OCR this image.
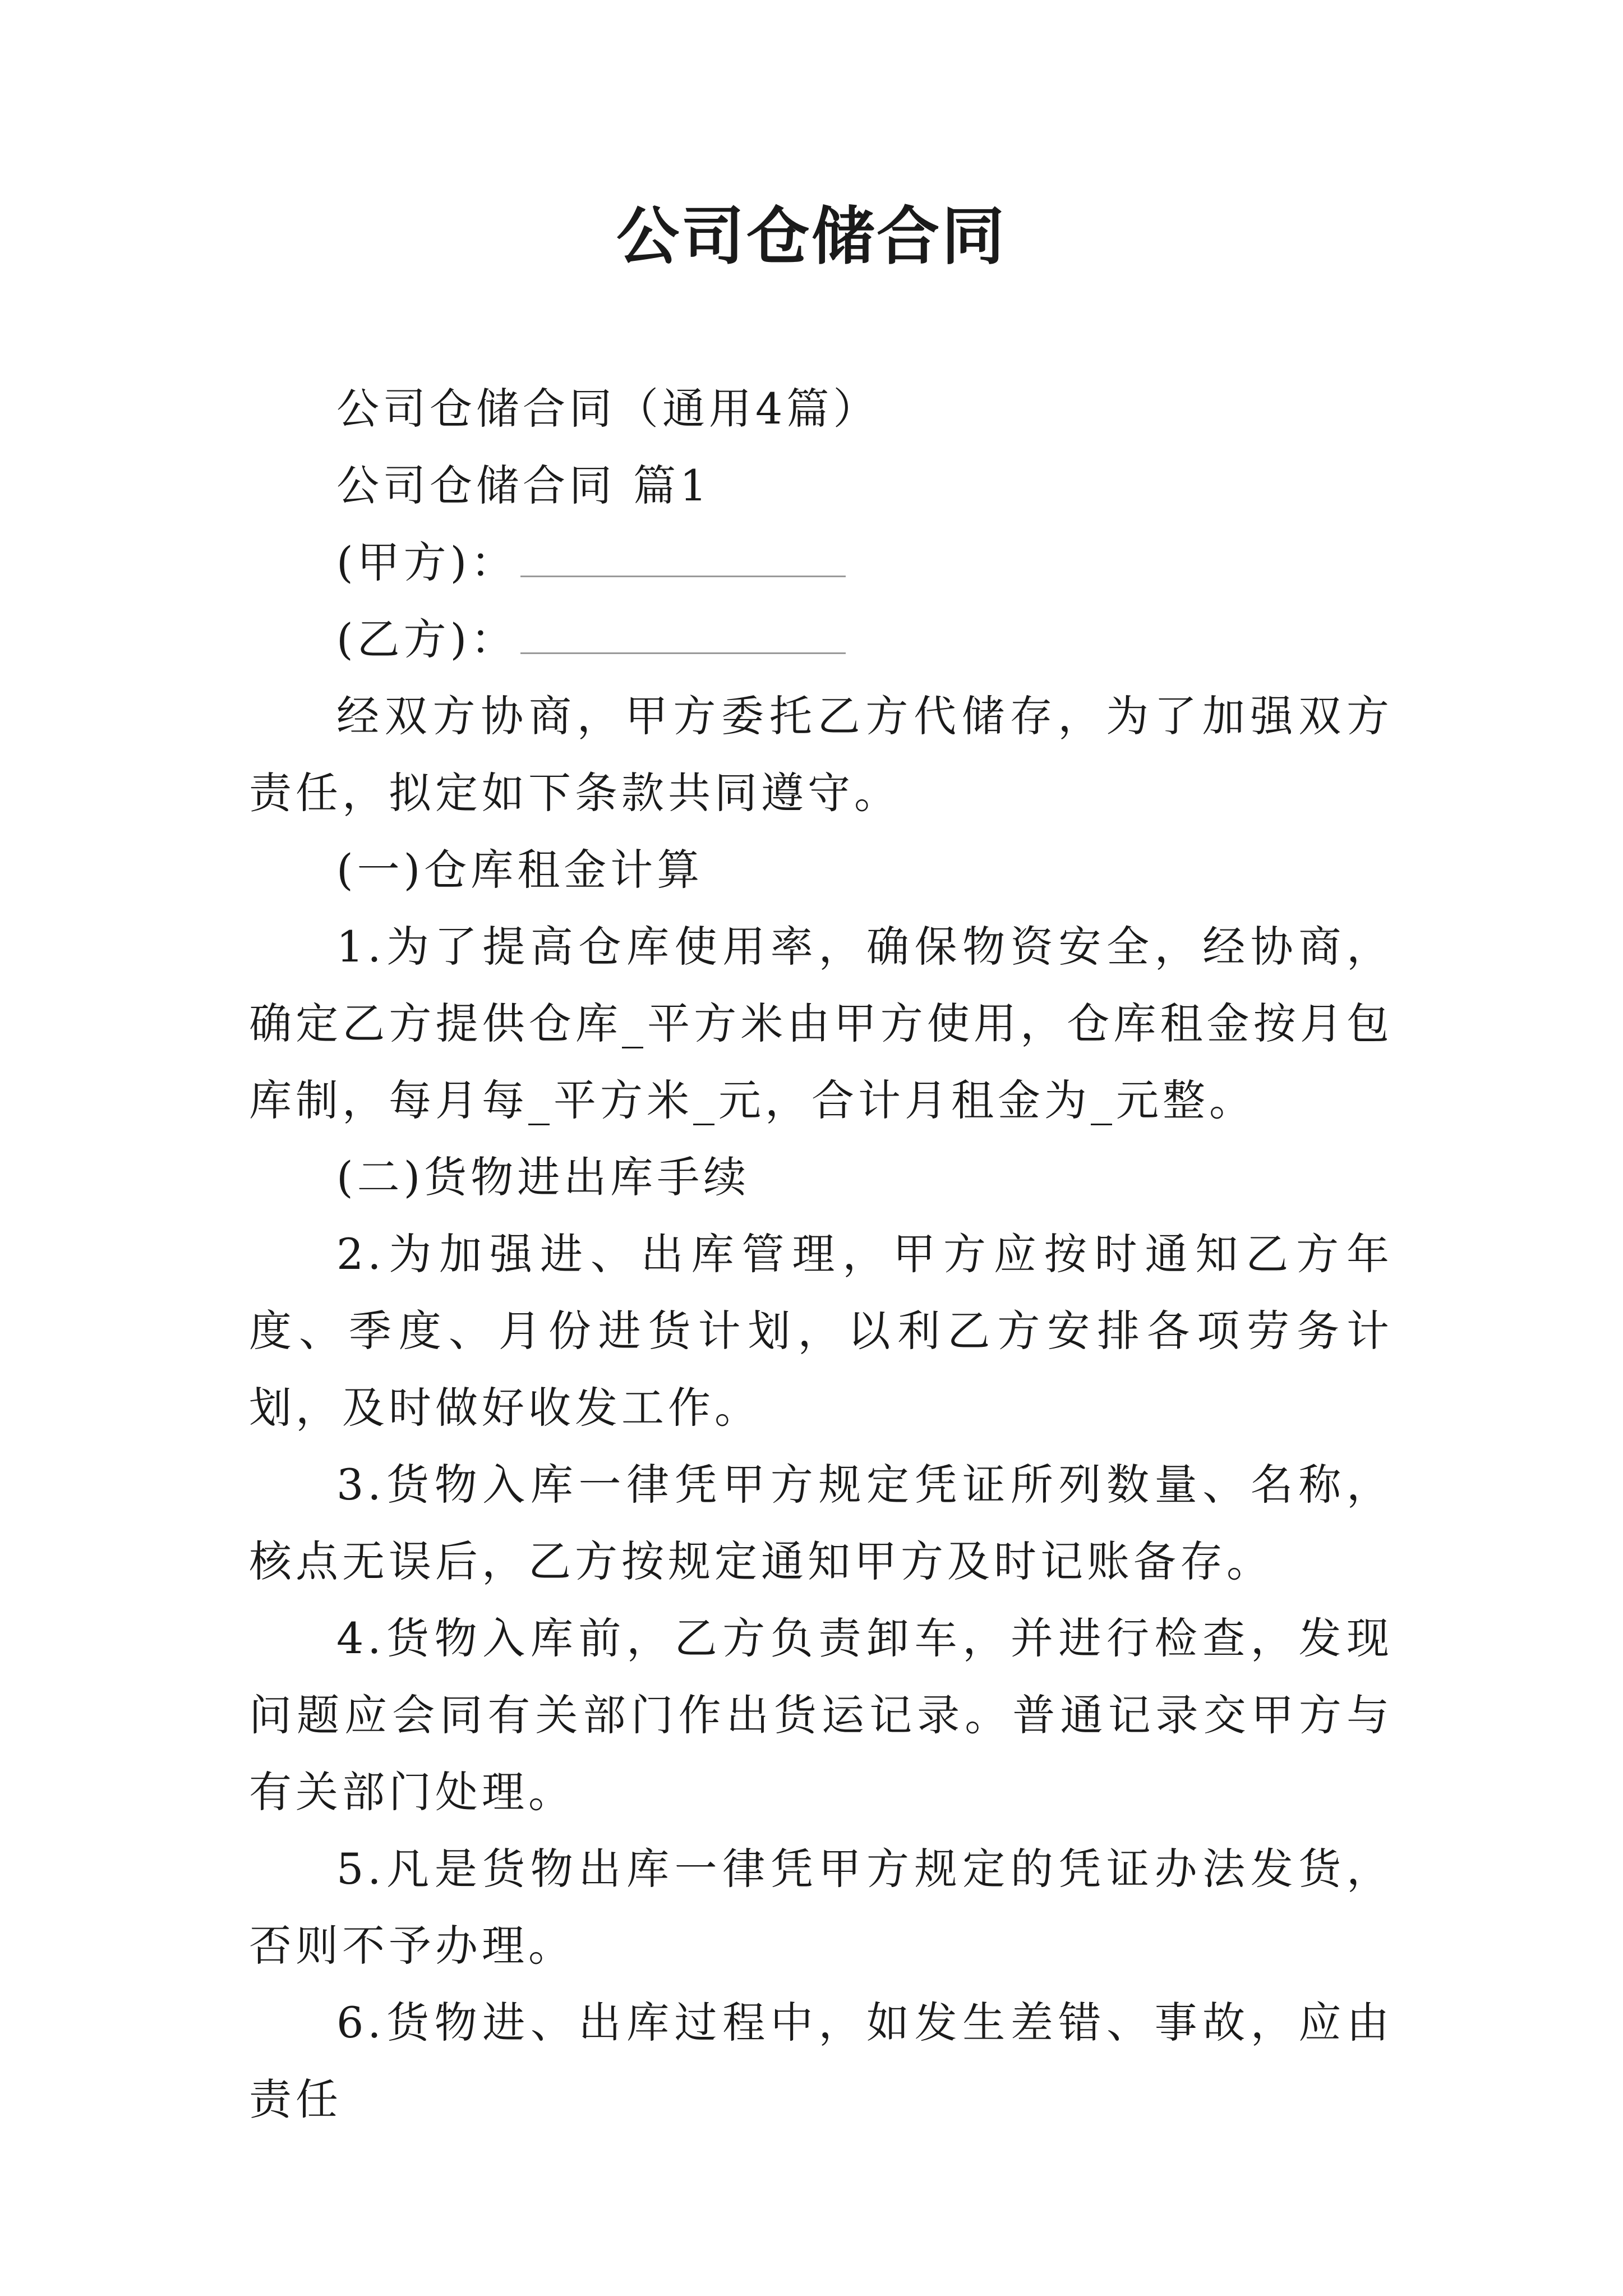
公司仓储合同

公司仓储合同（通用4篇）

公司仓储合同 篇1

(甲方)：

(乙方)：

经双方协商，甲方委托乙方代储存，为了加强双方责任，拟定如下条款共同遵守。

(一)仓库租金计算

1.为了提高仓库使用率，确保物资安全，经协商，确定乙方提供仓库_平方米由甲方使用，仓库租金按月包库制，每月每_平方米_元，合计月租金为_元整。

(二)货物进出库手续

2.为加强进、出库管理，甲方应按时通知乙方年度、季度、月份进货计划，以利乙方安排各项劳务计划，及时做好收发工作。

3.货物入库一律凭甲方规定凭证所列数量、名称，核点无误后，乙方按规定通知甲方及时记账备存。

4.货物入库前，乙方负责卸车，并进行检查，发现问题应会同有关部门作出货运记录。普通记录交甲方与有关部门处理。

5.凡是货物出库一律凭甲方规定的凭证办法发货，否则不予办理。

6.货物进、出库过程中，如发生差错、事故，应由责任
